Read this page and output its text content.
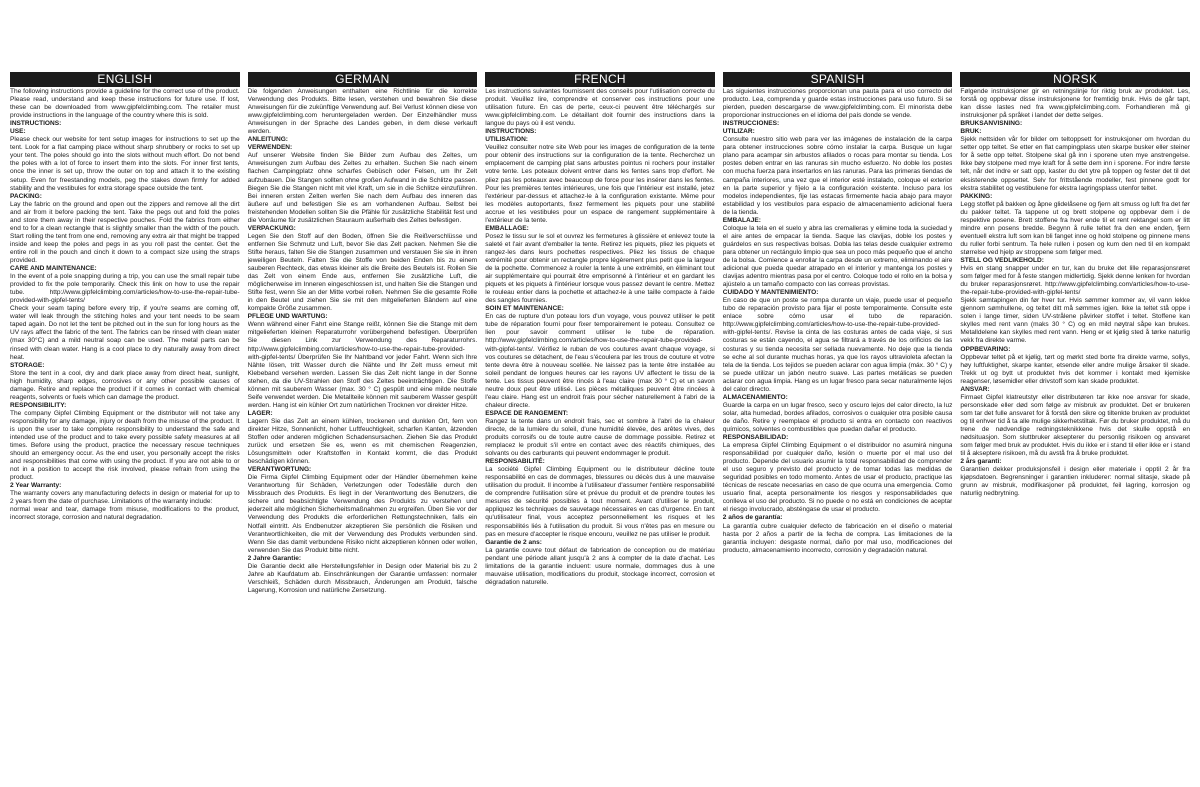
ENGLISH

The following instructions provide a guideline for the correct use of the product. Please read, understand and keep these instructions for future use. If lost, these can be downloaded from www.gipfelclimbing.com. The retailer must provide instructions in the language of the country where this is sold.

INSTRUCTIONS:

USE:

Please check our website for tent setup images for instructions to set up the tent. Look for a flat camping place without sharp shrubbery or rocks to set up your tent. The poles should go into the slots without much effort. Do not bend the poles with a lot of force to insert them into the slots. For inner first tents, once the inner is set up, throw the outer on top and attach it to the existing setup. Even for freestanding models, peg the stakes down firmly for added stability and the vestibules for extra storage space outside the tent.

PACKING:

Lay the fabric on the ground and open out the zippers and remove all the dirt and air from it before packing the tent. Take the pegs out and fold the poles and store them away in their respective pouches. Fold the fabrics from either end to for a clean rectangle that is slightly smaller than the width of the pouch. Start rolling the tent from one end, removing any extra air that might be trapped inside and keep the poles and pegs in as you roll past the center. Get the entire roll in the pouch and cinch it down to a compact size using the straps provided.

CARE AND MAINTENANCE:

In the event of a pole snapping during a trip, you can use the small repair tube provided to fix the pole temporarily. Check this link on how to use the repair tube. http://www.gipfelclimbing.com/articles/how-to-use-the-repair-tube-provided-with-gipfel-tents/

Check your seam taping before every trip, if you're seams are coming off, water will leak through the stitching holes and your tent needs to be seam taped again. Do not let the tent be pitched out in the sun for long hours as the UV rays affect the fabric of the tent. The fabrics can be rinsed with clean water (max 30°C) and a mild neutral soap can be used. The metal parts can be rinsed with clean water. Hang is a cool place to dry naturally away from direct heat.

STORAGE:

Store the tent in a cool, dry and dark place away from direct heat, sunlight, high humidity, sharp edges, corrosives or any other possible causes of damage. Retire and replace the product if it comes in contact with chemical reagents, solvents or fuels which can damage the product.

RESPONSIBILITY:

The company Gipfel Climbing Equipment or the distributor will not take any responsibility for any damage, injury or death from the misuse of the product. It is upon the user to take complete responsibility to understand the safe and intended use of the product and to take every possible safety measures at all times. Before using the product, practice the necessary rescue techniques should an emergency occur. As the end user, you personally accept the risks and responsibilities that come with using the product. If you are not able to or not in a position to accept the risk involved, please refrain from using the product.

2 Year Warranty:

The warranty covers any manufacturing defects in design or material for up to 2 years from the date of purchase. Limitations of the warranty include:

normal wear and tear, damage from misuse, modifications to the product, incorrect storage, corrosion and natural degradation.

GERMAN

Die folgenden Anweisungen enthalten eine Richtlinie für die korrekte Verwendung des Produkts. Bitte lesen, verstehen und bewahren Sie diese Anweisungen für die zukünftige Verwendung auf. Bei Verlust können diese von www.gipfelclimbing.com heruntergeladen werden. Der Einzelhändler muss Anweisungen in der Sprache des Landes geben, in dem diese verkauft werden.

ANLEITUNG:

VERWENDEN:

Auf unserer Website finden Sie Bilder zum Aufbau des Zeltes, um Anweisungen zum Aufbau des Zeltes zu erhalten. Suchen Sie nach einem flachen Campingplatz ohne scharfes Gebüsch oder Felsen, um Ihr Zelt aufzubauen. Die Stangen sollten ohne großen Aufwand in die Schlitze passen. Biegen Sie die Stangen nicht mit viel Kraft, um sie in die Schlitze einzuführen. Bei inneren ersten Zelten werfen Sie nach dem Aufbau des inneren das äußere auf und befestigen Sie es am vorhandenen Aufbau. Selbst bei freistehenden Modellen sollten Sie die Pfähle für zusätzliche Stabilität fest und die Vorräume für zusätzlichen Stauraum außerhalb des Zeltes befestigen.

VERPACKUNG:

Legen Sie den Stoff auf den Boden, öffnen Sie die Reißverschlüsse und entfernen Sie Schmutz und Luft, bevor Sie das Zelt packen. Nehmen Sie die Stifte heraus, falten Sie die Stangen zusammen und verstauen Sie sie in ihren jeweiligen Beuteln. Falten Sie die Stoffe von beiden Enden bis zu einem sauberen Rechteck, das etwas kleiner als die Breite des Beutels ist. Rollen Sie das Zelt von einem Ende aus, entfernen Sie zusätzliche Luft, die möglicherweise im Inneren eingeschlossen ist, und halten Sie die Stangen und Stifte fest, wenn Sie an der Mitte vorbei rollen. Nehmen Sie die gesamte Rolle in den Beutel und ziehen Sie sie mit den mitgelieferten Bändern auf eine kompakte Größe zusammen.

PFLEGE UND WARTUNG:

Wenn während einer Fahrt eine Stange reißt, können Sie die Stange mit dem mitgelieferten kleinen Reparaturrohr vorübergehend befestigen. Überprüfen Sie diesen Link zur Verwendung des Reparaturrohrs. http://www.gipfelclimbing.com/articles/how-to-use-the-repair-tube-provided-with-gipfel-tents/ Überprüfen Sie Ihr Nahtband vor jeder Fahrt. Wenn sich Ihre Nähte lösen, tritt Wasser durch die Nähte und Ihr Zelt muss erneut mit Klebeband versehen werden. Lassen Sie das Zelt nicht lange in der Sonne stehen, da die UV-Strahlen den Stoff des Zeltes beeinträchtigen. Die Stoffe können mit sauberem Wasser (max. 30 ° C) gespült und eine milde neutrale Seife verwendet werden. Die Metallteile können mit sauberem Wasser gespült werden. Hang ist ein kühler Ort zum natürlichen Trocknen vor direkter Hitze.

LAGER:

Lagern Sie das Zelt an einem kühlen, trockenen und dunklen Ort, fern von direkter Hitze, Sonnenlicht, hoher Luftfeuchtigkeit, scharfen Kanten, ätzenden Stoffen oder anderen möglichen Schadensursachen. Ziehen Sie das Produkt zurück und ersetzen Sie es, wenn es mit chemischen Reagenzien, Lösungsmitteln oder Kraftstoffen in Kontakt kommt, die das Produkt beschädigen können.

VERANTWORTUNG:

Die Firma Gipfel Climbing Equipment oder der Händler übernehmen keine Verantwortung für Schäden, Verletzungen oder Todesfälle durch den Missbrauch des Produkts. Es liegt in der Verantwortung des Benutzers, die sichere und beabsichtigte Verwendung des Produkts zu verstehen und jederzeit alle möglichen Sicherheitsmaßnahmen zu ergreifen. Üben Sie vor der Verwendung des Produkts die erforderlichen Rettungstechniken, falls ein Notfall eintritt. Als Endbenutzer akzeptieren Sie persönlich die Risiken und Verantwortlichkeiten, die mit der Verwendung des Produkts verbunden sind. Wenn Sie das damit verbundene Risiko nicht akzeptieren können oder wollen, verwenden Sie das Produkt bitte nicht.

2 Jahre Garantie:

Die Garantie deckt alle Herstellungsfehler in Design oder Material bis zu 2 Jahre ab Kaufdatum ab. Einschränkungen der Garantie umfassen: normaler Verschleiß, Schäden durch Missbrauch, Änderungen am Produkt, falsche Lagerung, Korrosion und natürliche Zersetzung.

FRENCH

Les instructions suivantes fournissent des conseils pour l'utilisation correcte du produit. Veuillez lire, comprendre et conserver ces instructions pour une utilisation future. En cas de perte, ceux-ci peuvent être téléchargés sur www.gipfelclimbing.com. Le détaillant doit fournir des instructions dans la langue du pays où il est vendu.

INSTRUCTIONS:

UTILISATION:

Veuillez consulter notre site Web pour les images de configuration de la tente pour obtenir des instructions sur la configuration de la tente. Recherchez un emplacement de camping plat sans arbustes pointus ni rochers pour installer votre tente. Les poteaux doivent entrer dans les fentes sans trop d'effort. Ne pliez pas les poteaux avec beaucoup de force pour les insérer dans les fentes. Pour les premières tentes intérieures, une fois que l'intérieur est installé, jetez l'extérieur par-dessus et attachez-le à la configuration existante. Même pour les modèles autoportants, fixez fermement les piquets pour une stabilité accrue et les vestibules pour un espace de rangement supplémentaire à l'extérieur de la tente.

EMBALLAGE:

Posez le tissu sur le sol et ouvrez les fermetures à glissière et enlevez toute la saleté et l'air avant d'emballer la tente. Retirez les piquets, pliez les piquets et rangez-les dans leurs pochettes respectives. Pliez les tissus de chaque extrémité pour obtenir un rectangle propre légèrement plus petit que la largeur de la pochette. Commencez à rouler la tente à une extrémité, en éliminant tout air supplémentaire qui pourrait être emprisonné à l'intérieur et en gardant les piquets et les piquets à l'intérieur lorsque vous passez devant le centre. Mettez le rouleau entier dans la pochette et attachez-le à une taille compacte à l'aide des sangles fournies.

SOIN ET MAINTENANCE:

En cas de rupture d'un poteau lors d'un voyage, vous pouvez utiliser le petit tube de réparation fourni pour fixer temporairement le poteau. Consultez ce lien pour savoir comment utiliser le tube de réparation. http://www.gipfelclimbing.com/articles/how-to-use-the-repair-tube-provided-with-gipfel-tents/. Vérifiez le ruban de vos coutures avant chaque voyage, si vos coutures se détachent, de l'eau s'écoulera par les trous de couture et votre tente devra être à nouveau scellée. Ne laissez pas la tente être installée au soleil pendant de longues heures car les rayons UV affectent le tissu de la tente. Les tissus peuvent être rincés à l'eau claire (max 30 ° C) et un savon neutre doux peut être utilisé. Les pièces métalliques peuvent être rincées à l'eau claire. Hang est un endroit frais pour sécher naturellement à l'abri de la chaleur directe.

ESPACE DE RANGEMENT:

Rangez la tente dans un endroit frais, sec et sombre à l'abri de la chaleur directe, de la lumière du soleil, d'une humidité élevée, des arêtes vives, des produits corrosifs ou de toute autre cause de dommage possible. Retirez et remplacez le produit s'il entre en contact avec des réactifs chimiques, des solvants ou des carburants qui peuvent endommager le produit.

RESPONSABILITÉ:

La société Gipfel Climbing Equipment ou le distributeur décline toute responsabilité en cas de dommages, blessures ou décès dus à une mauvaise utilisation du produit. Il incombe à l'utilisateur d'assumer l'entière responsabilité de comprendre l'utilisation sûre et prévue du produit et de prendre toutes les mesures de sécurité possibles à tout moment. Avant d'utiliser le produit, appliquez les techniques de sauvetage nécessaires en cas d'urgence. En tant qu'utilisateur final, vous acceptez personnellement les risques et les responsabilités liés à l'utilisation du produit. Si vous n'êtes pas en mesure ou pas en mesure d'accepter le risque encouru, veuillez ne pas utiliser le produit.

Garantie de 2 ans:

La garantie couvre tout défaut de fabrication de conception ou de matériau pendant une période allant jusqu'à 2 ans à compter de la date d'achat. Les limitations de la garantie incluent: usure normale, dommages dus à une mauvaise utilisation, modifications du produit, stockage incorrect, corrosion et dégradation naturelle.

SPANISH

Las siguientes instrucciones proporcionan una pauta para el uso correcto del producto. Lea, comprenda y guarde estas instrucciones para uso futuro. Si se pierden, pueden descargarse de www.gipfelclimbing.com. El minorista debe proporcionar instrucciones en el idioma del país donde se vende.

INSTRUCCIONES:

UTILIZAR:

Consulte nuestro sitio web para ver las imágenes de instalación de la carpa para obtener instrucciones sobre cómo instalar la carpa. Busque un lugar plano para acampar sin arbustos afilados o rocas para montar su tienda. Los postes deben entrar en las ranuras sin mucho esfuerzo. No doble los postes con mucha fuerza para insertarlos en las ranuras. Para las primeras tiendas de campaña interiores, una vez que el interior esté instalado, coloque el exterior en la parte superior y fíjelo a la configuración existente. Incluso para los modelos independientes, fije las estacas firmemente hacia abajo para mayor estabilidad y los vestíbulos para espacio de almacenamiento adicional fuera de la tienda.

EMBALAJE:

Coloque la tela en el suelo y abra las cremalleras y elimine toda la suciedad y el aire antes de empacar la tienda. Saque las clavijas, doble los postes y guárdelos en sus respectivas bolsas. Dobla las telas desde cualquier extremo para obtener un rectángulo limpio que sea un poco más pequeño que el ancho de la bolsa. Comience a enrollar la carpa desde un extremo, eliminando el aire adicional que pueda quedar atrapado en el interior y mantenga los postes y clavijas adentro mientras pasa por el centro. Coloque todo el rollo en la bolsa y ajústelo a un tamaño compacto con las correas provistas.

CUIDADO Y MANTENIMIENTO:

En caso de que un poste se rompa durante un viaje, puede usar el pequeño tubo de reparación provisto para fijar el poste temporalmente. Consulte este enlace sobre cómo usar el tubo de reparación. http://www.gipfelclimbing.com/articles/how-to-use-the-repair-tube-provided-with-gipfel-tents/. Revise la cinta de las costuras antes de cada viaje, si sus costuras se están cayendo, el agua se filtrará a través de los orificios de las costuras y su tienda necesita ser sellada nuevamente. No deje que la tienda se eche al sol durante muchas horas, ya que los rayos ultravioleta afectan la tela de la tienda. Los tejidos se pueden aclarar con agua limpia (máx. 30 ° C) y se puede utilizar un jabón neutro suave. Las partes metálicas se pueden aclarar con agua limpia. Hang es un lugar fresco para secar naturalmente lejos del calor directo.

ALMACENAMIENTO:

Guarde la carpa en un lugar fresco, seco y oscuro lejos del calor directo, la luz solar, alta humedad, bordes afilados, corrosivos o cualquier otra posible causa de daño. Retire y reemplace el producto si entra en contacto con reactivos químicos, solventes o combustibles que puedan dañar el producto.

RESPONSABILIDAD:

La empresa Gipfel Climbing Equipment o el distribuidor no asumirá ninguna responsabilidad por cualquier daño, lesión o muerte por el mal uso del producto. Depende del usuario asumir la total responsabilidad de comprender el uso seguro y previsto del producto y de tomar todas las medidas de seguridad posibles en todo momento. Antes de usar el producto, practique las técnicas de rescate necesarias en caso de que ocurra una emergencia. Como usuario final, acepta personalmente los riesgos y responsabilidades que conlleva el uso del producto. Si no puede o no está en condiciones de aceptar el riesgo involucrado, absténgase de usar el producto.

2 años de garantía:

La garantía cubre cualquier defecto de fabricación en el diseño o material hasta por 2 años a partir de la fecha de compra. Las limitaciones de la garantía incluyen: desgaste normal, daño por mal uso, modificaciones del producto, almacenamiento incorrecto, corrosión y degradación natural.

NORSK

Følgende instruksjoner gir en retningslinje for riktig bruk av produktet. Les, forstå og oppbevar disse instruksjonene for fremtidig bruk. Hvis de går tapt, kan disse lastes ned fra www.gipfelclimbing.com. Forhandleren må gi instruksjoner på språket i landet der dette selges.

BRUKSANVISNING:

BRUK:

Sjekk nettsiden vår for bilder om teltoppsett for instruksjoner om hvordan du setter opp teltet. Se etter en flat campingplass uten skarpe busker eller steiner for å sette opp teltet. Stolpene skal gå inn i sporene uten mye anstrengelse. Ikke bøy stolpene med mye kraft for å sette dem inn i sporene. For indre første telt, når det indre er satt opp, kaster du det ytre på toppen og fester det til det eksisterende oppsettet. Selv for frittstående modeller, fest pinnene godt for ekstra stabilitet og vestibulene for ekstra lagringsplass utenfor teltet.

PAKKING:

Legg stoffet på bakken og åpne glidelåsene og fjern alt smuss og luft fra det før du pakker teltet. Ta tappene ut og brett stolpene og oppbevar dem i de respektive posene. Brett stoffene fra hver ende til et rent rektangel som er litt mindre enn posens bredde. Begynn å rulle teltet fra den ene enden, fjern eventuell ekstra luft som kan bli fanget inne og hold stolpene og pinnene mens du ruller forbi sentrum. Ta hele rullen i posen og kum den ned til en kompakt størrelse ved hjelp av stroppene som følger med.

STELL OG VEDLIKEHOLD:

Hvis en stang snapper under en tur, kan du bruke det lille reparasjonsrøret som følger med for å feste stangen midlertidig. Sjekk denne lenken for hvordan du bruker reparasjonsrøret. http://www.gipfelclimbing.com/articles/how-to-use-the-repair-tube-provided-with-gipfel-tents/

Sjekk sømtapingen din før hver tur. Hvis sømmer kommer av, vil vann lekke gjennom sømhullene, og teltet ditt må sømmes igjen. Ikke la teltet stå oppe i solen i lange timer, siden UV-strålene påvirker stoffet i teltet. Stoffene kan skylles med rent vann (maks 30 ° C) og en mild nøytral såpe kan brukes. Metalldelene kan skylles med rent vann. Heng er et kjølig sted å tørke naturlig vekk fra direkte varme.

OPPBEVARING:

Oppbevar teltet på et kjølig, tørt og mørkt sted borte fra direkte varme, sollys, høy luftfuktighet, skarpe kanter, etsende eller andre mulige årsaker til skade. Trekk ut og bytt ut produktet hvis det kommer i kontakt med kjemiske reagenser, løsemidler eller drivstoff som kan skade produktet.

ANSVAR:

Firmaet Gipfel klatreutstyr eller distributøren tar ikke noe ansvar for skade, personskade eller død som følge av misbruk av produktet. Det er brukeren som tar det fulle ansvaret for å forstå den sikre og tiltenkte bruken av produktet og til enhver tid å ta alle mulige sikkerhetstiltak. Før du bruker produktet, må du trene de nødvendige redningsteknikkene hvis det skulle oppstå en nødsituasjon. Som sluttbruker aksepterer du personlig risikoen og ansvaret som følger med bruk av produktet. Hvis du ikke er i stand til eller ikke er i stand til å akseptere risikoen, må du avstå fra å bruke produktet.

2 års garanti:

Garantien dekker produksjonsfeil i design eller materiale i opptil 2 år fra kjøpsdatoen. Begrensninger i garantien inkluderer: normal slitasje, skade på grunn av misbruk, modifikasjoner på produktet, feil lagring, korrosjon og naturlig nedbrytning.
